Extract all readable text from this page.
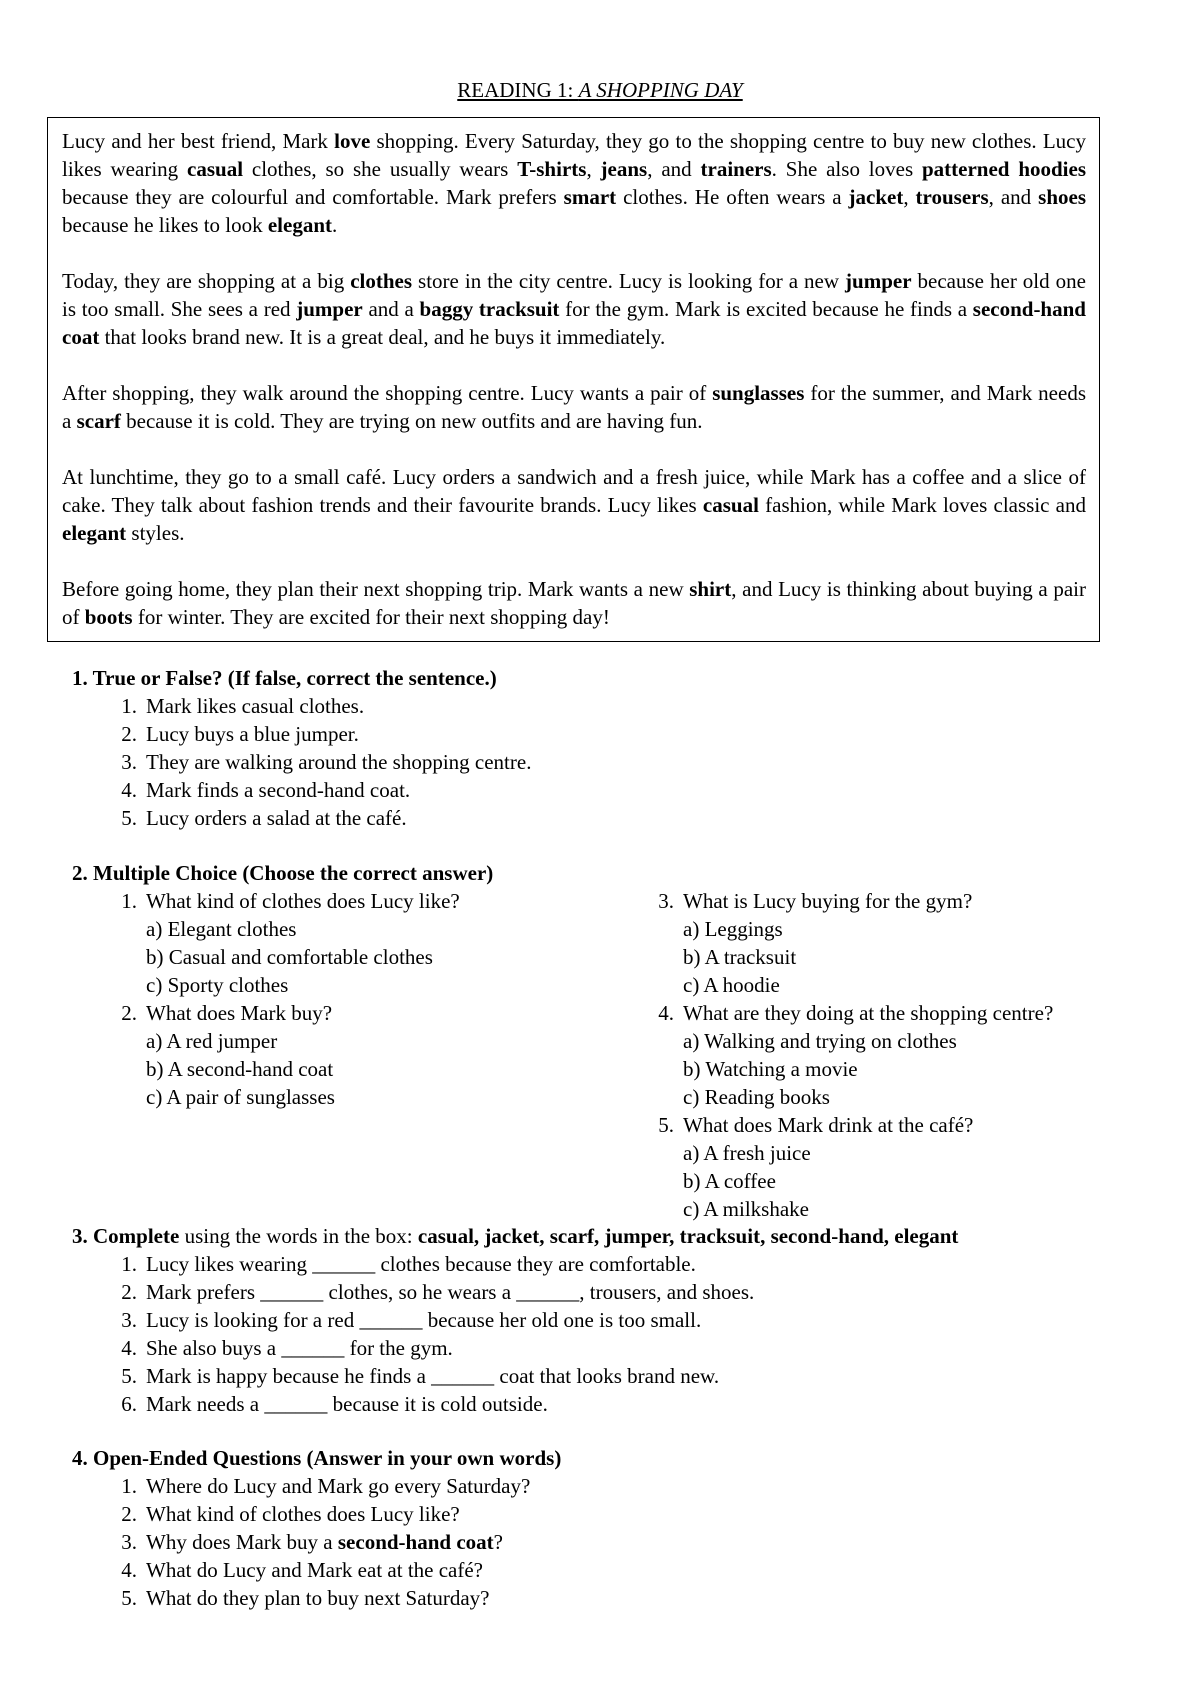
READING 1: A SHOPPING DAY

Lucy and her best friend, Mark love shopping. Every Saturday, they go to the shopping centre to buy new clothes. Lucy likes wearing casual clothes, so she usually wears T-shirts, jeans, and trainers. She also loves patterned hoodies because they are colourful and comfortable. Mark prefers smart clothes. He often wears a jacket, trousers, and shoes because he likes to look elegant.

Today, they are shopping at a big clothes store in the city centre. Lucy is looking for a new jumper because her old one is too small. She sees a red jumper and a baggy tracksuit for the gym. Mark is excited because he finds a second-hand coat that looks brand new. It is a great deal, and he buys it immediately.

After shopping, they walk around the shopping centre. Lucy wants a pair of sunglasses for the summer, and Mark needs a scarf because it is cold. They are trying on new outfits and are having fun.

At lunchtime, they go to a small café. Lucy orders a sandwich and a fresh juice, while Mark has a coffee and a slice of cake. They talk about fashion trends and their favourite brands. Lucy likes casual fashion, while Mark loves classic and elegant styles.

Before going home, they plan their next shopping trip. Mark wants a new shirt, and Lucy is thinking about buying a pair of boots for winter. They are excited for their next shopping day!

1. True or False? (If false, correct the sentence.)
1. Mark likes casual clothes.
2. Lucy buys a blue jumper.
3. They are walking around the shopping centre.
4. Mark finds a second-hand coat.
5. Lucy orders a salad at the café.
2. Multiple Choice (Choose the correct answer)
1. What kind of clothes does Lucy like?
a) Elegant clothes
b) Casual and comfortable clothes
c) Sporty clothes
2. What does Mark buy?
a) A red jumper
b) A second-hand coat
c) A pair of sunglasses
3. What is Lucy buying for the gym?
a) Leggings
b) A tracksuit
c) A hoodie
4. What are they doing at the shopping centre?
a) Walking and trying on clothes
b) Watching a movie
c) Reading books
5. What does Mark drink at the café?
a) A fresh juice
b) A coffee
c) A milkshake
3. Complete using the words in the box: casual, jacket, scarf, jumper, tracksuit, second-hand, elegant
1. Lucy likes wearing ______ clothes because they are comfortable.
2. Mark prefers ______ clothes, so he wears a ______, trousers, and shoes.
3. Lucy is looking for a red ______ because her old one is too small.
4. She also buys a ______ for the gym.
5. Mark is happy because he finds a ______ coat that looks brand new.
6. Mark needs a ______ because it is cold outside.
4. Open-Ended Questions (Answer in your own words)
1. Where do Lucy and Mark go every Saturday?
2. What kind of clothes does Lucy like?
3. Why does Mark buy a second-hand coat?
4. What do Lucy and Mark eat at the café?
5. What do they plan to buy next Saturday?
